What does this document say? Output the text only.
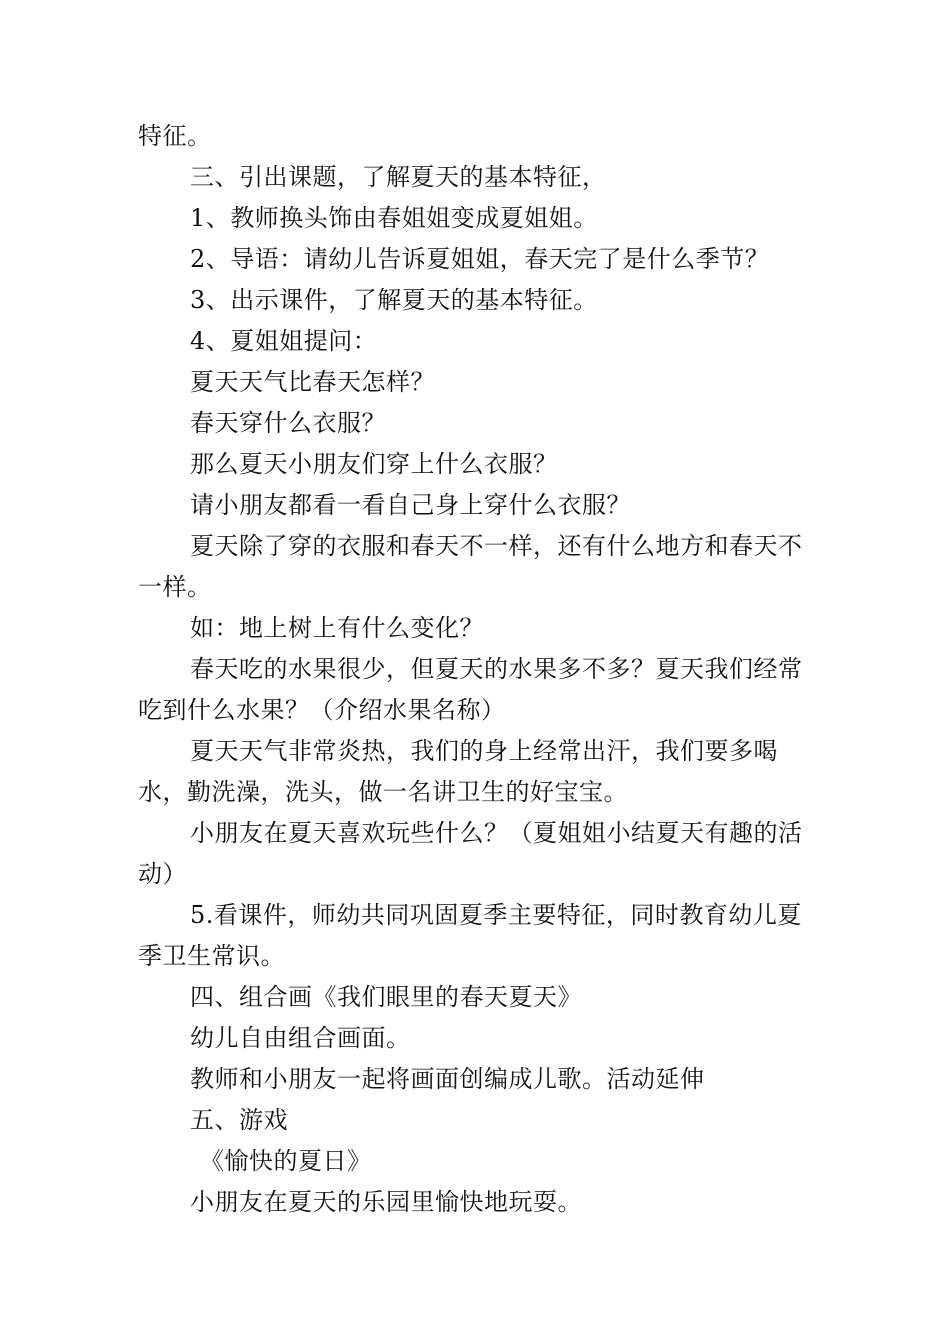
特征。

三、引出课题，了解夏天的基本特征，

1、教师换头饰由春姐姐变成夏姐姐。

2、导语：请幼儿告诉夏姐姐，春天完了是什么季节？

3、出示课件，了解夏天的基本特征。

4、夏姐姐提问：

夏天天气比春天怎样？

春天穿什么衣服？

那么夏天小朋友们穿上什么衣服？

请小朋友都看一看自己身上穿什么衣服？

夏天除了穿的衣服和春天不一样，还有什么地方和春天不一样。

如：地上树上有什么变化？

春天吃的水果很少，但夏天的水果多不多？夏天我们经常吃到什么水果？（介绍水果名称）

夏天天气非常炎热，我们的身上经常出汗，我们要多喝水，勤洗澡，洗头，做一名讲卫生的好宝宝。

小朋友在夏天喜欢玩些什么？（夏姐姐小结夏天有趣的活动）

5.看课件，师幼共同巩固夏季主要特征，同时教育幼儿夏季卫生常识。

四、组合画《我们眼里的春天夏天》

幼儿自由组合画面。

教师和小朋友一起将画面创编成儿歌。活动延伸

五、游戏

《愉快的夏日》

小朋友在夏天的乐园里愉快地玩耍。
